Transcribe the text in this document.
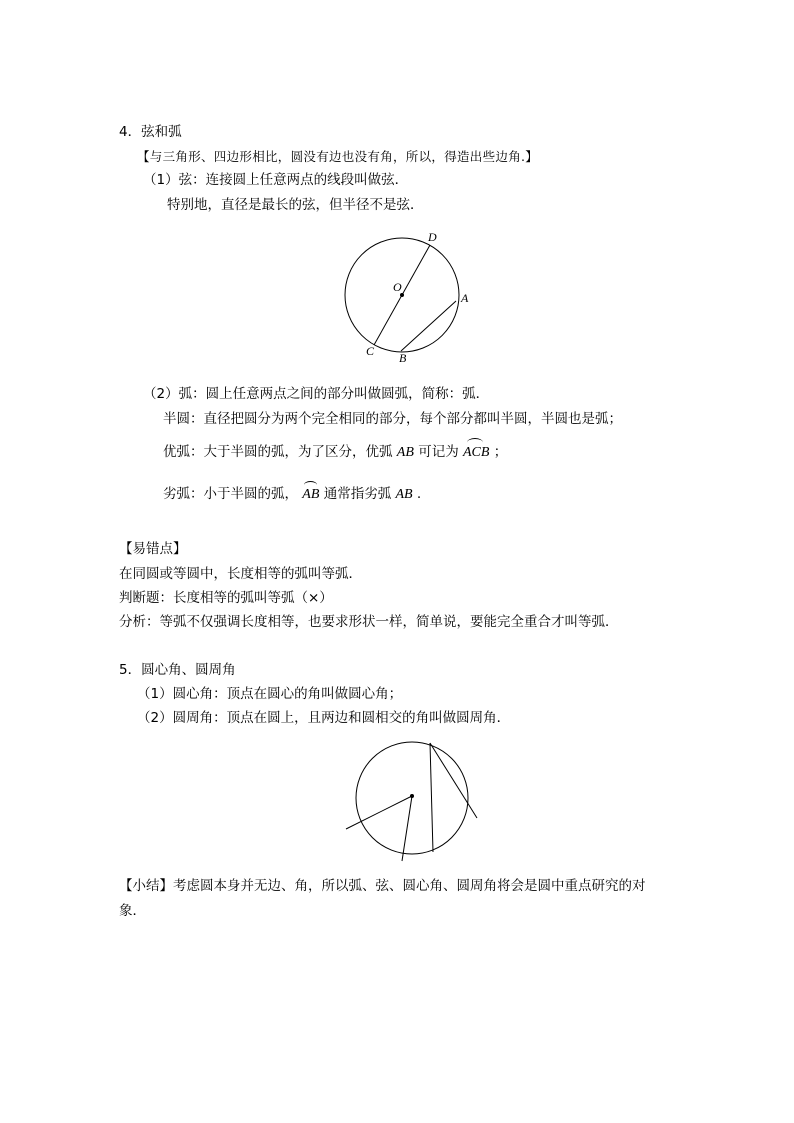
4．弦和弧
【与三角形、四边形相比，圆没有边也没有角，所以，得造出些边角.】
（1）弦：连接圆上任意两点的线段叫做弦．
特别地，直径是最长的弦，但半径不是弦．
D
O
A
C B
（2）弧：圆上任意两点之间的部分叫做圆弧，简称：弧．
半圆：直径把圆分为两个完全相同的部分，每个部分都叫半圆，半圆也是弧；
优弧：大于半圆的弧，为了区分，优弧 AB 可记为 ACB ；
劣弧：小于半圆的弧， AB 通常指劣弧 AB .
【易错点】
在同圆或等圆中，长度相等的弧叫等弧．
判断题：长度相等的弧叫等弧（×）
分析：等弧不仅强调长度相等，也要求形状一样，简单说，要能完全重合才叫等弧．
5．圆心角、圆周角
（1）圆心角：顶点在圆心的角叫做圆心角；
（2）圆周角：顶点在圆上，且两边和圆相交的角叫做圆周角．
【小结】考虑圆本身并无边、角，所以弧、弦、圆心角、圆周角将会是圆中重点研究的对
象．
